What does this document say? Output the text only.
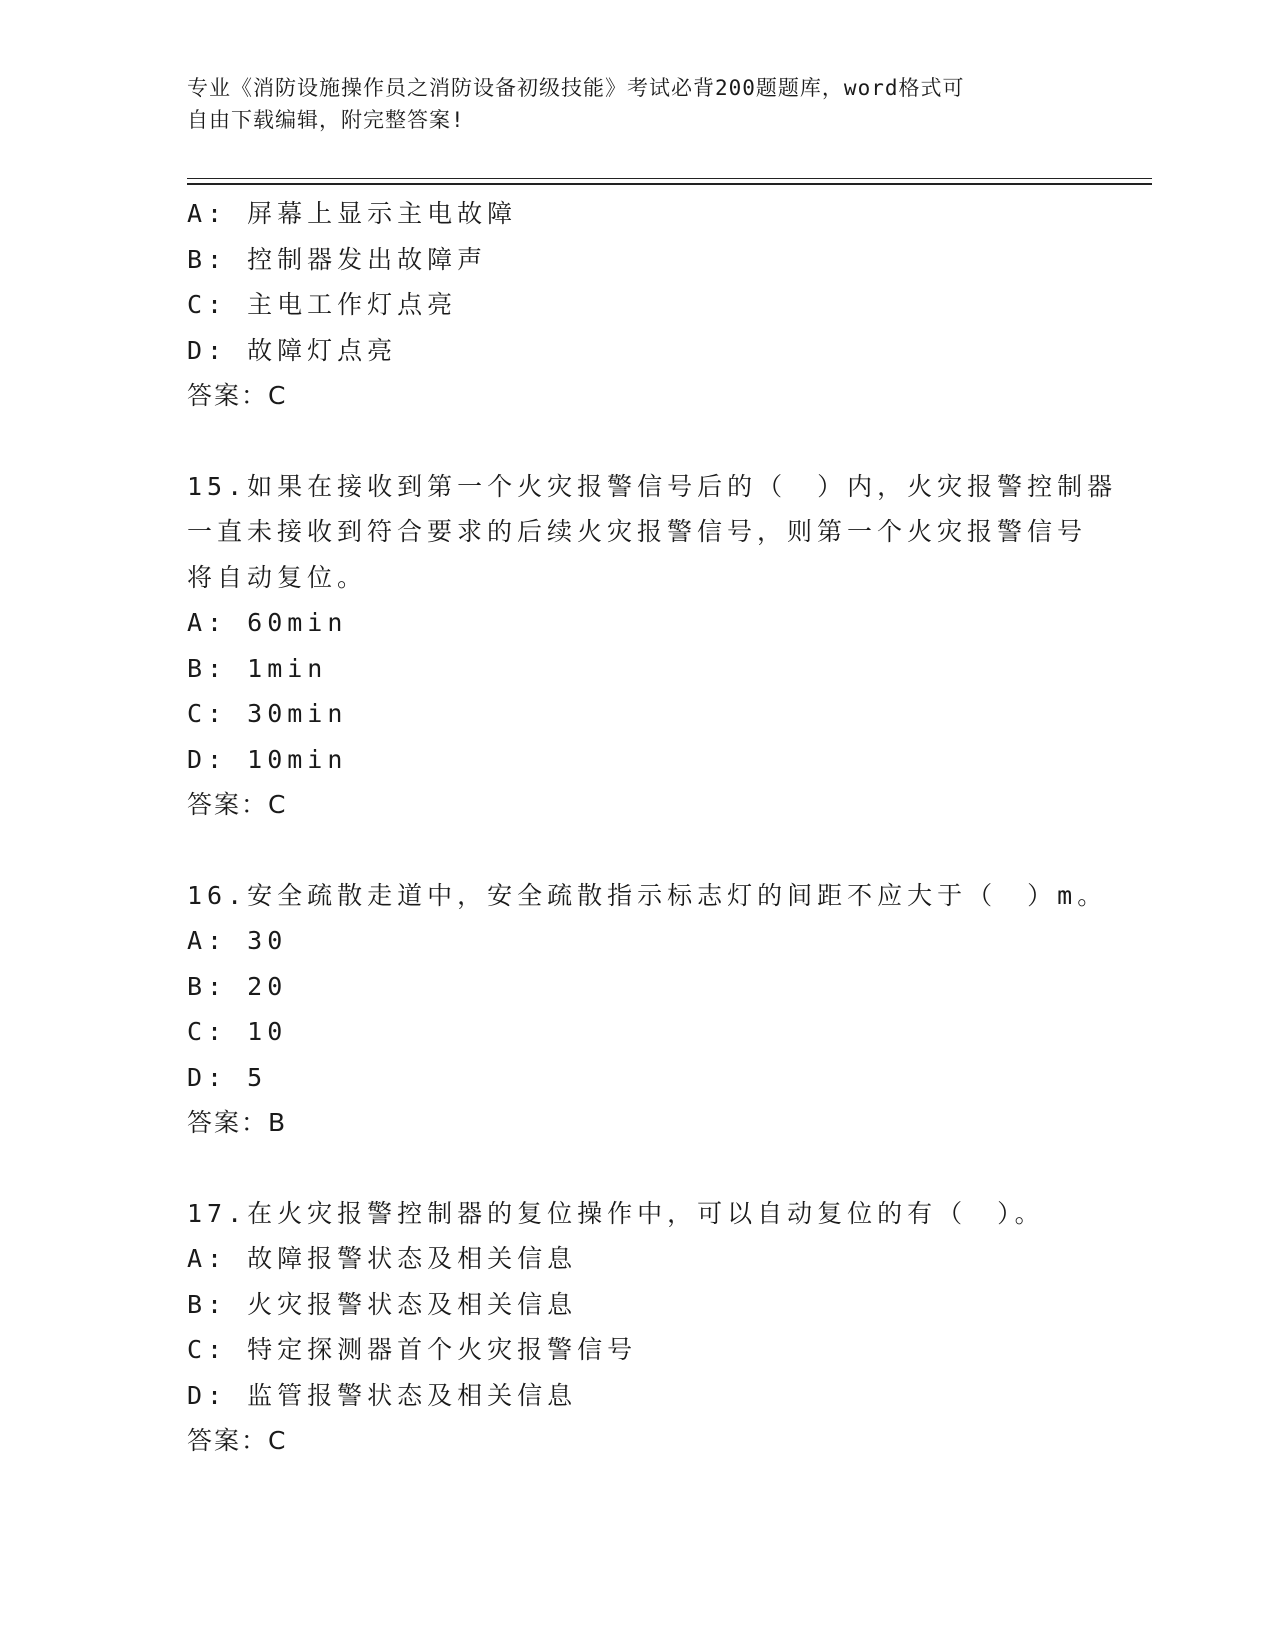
专业《消防设施操作员之消防设备初级技能》考试必背200题题库，word格式可
自由下载编辑，附完整答案!
A: 屏幕上显示主电故障
B: 控制器发出故障声
C: 主电工作灯点亮
D: 故障灯点亮
答案：C
15.如果在接收到第一个火灾报警信号后的（　）内，火灾报警控制器
一直未接收到符合要求的后续火灾报警信号，则第一个火灾报警信号
将自动复位。
A: 60min
B: 1min
C: 30min
D: 10min
答案：C
16.安全疏散走道中，安全疏散指示标志灯的间距不应大于（　）m。
A: 30
B: 20
C: 10
D: 5
答案：B
17.在火灾报警控制器的复位操作中，可以自动复位的有（　）。
A: 故障报警状态及相关信息
B: 火灾报警状态及相关信息
C: 特定探测器首个火灾报警信号
D: 监管报警状态及相关信息
答案：C
